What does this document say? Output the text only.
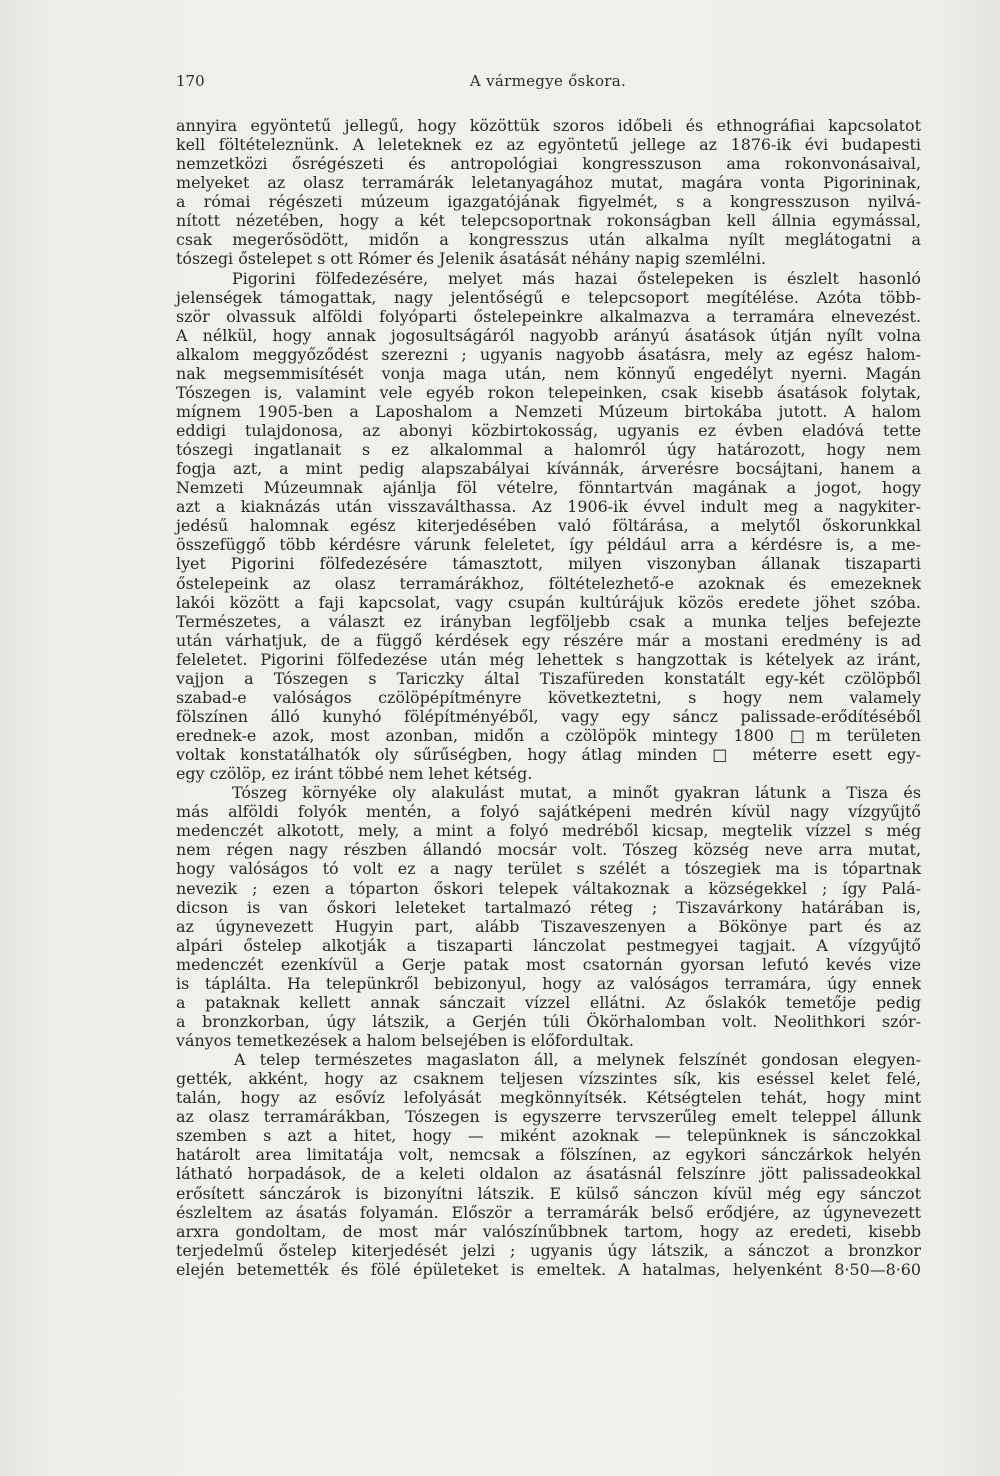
170	A vármegye őskora.
annyira egyöntetű jellegű, hogy közöttük szoros időbeli és ethnográfiai kapcsolatot
kell föltételeznünk. A leleteknek ez az egyöntetű jellege az 1876-ik évi budapesti
nemzetközi ősrégészeti és antropológiai kongresszuson ama rokonvonásaival,
melyeket az olasz terramárák leletanyagához mutat, magára vonta Pigorininak,
a római régészeti múzeum igazgatójának figyelmét, s a kongresszuson nyilvá-
nított nézetében, hogy a két telepcsoportnak rokonságban kell állnia egymással,
csak megerősödött, midőn a kongresszus után alkalma nyílt meglátogatni a
tószegi őstelepet s ott Rómer és Jelenik ásatását néhány napig szemlélni.
Pigorini fölfedezésére, melyet más hazai őstelepeken is észlelt hasonló
jelenségek támogattak, nagy jelentőségű e telepcsoport megítélése. Azóta több-
ször olvassuk alföldi folyóparti őstelepeinkre alkalmazva a terramára elnevezést.
A nélkül, hogy annak jogosultságáról nagyobb arányú ásatások útján nyílt volna
alkalom meggyőződést szerezni ; ugyanis nagyobb ásatásra, mely az egész halom-
nak megsemmisítését vonja maga után, nem könnyű engedélyt nyerni. Magán
Tószegen is, valamint vele egyéb rokon telepeinken, csak kisebb ásatások folytak,
mígnem 1905-ben a Laposhalom a Nemzeti Múzeum birtokába jutott. A halom
eddigi tulajdonosa, az abonyi közbirtokosság, ugyanis ez évben eladóvá tette
tószegi ingatlanait s ez alkalommal a halomról úgy határozott, hogy nem
fogja azt, a mint pedig alapszabályai kívánnák, árverésre bocsájtani, hanem a
Nemzeti Múzeumnak ajánlja föl vételre, fönntartván magának a jogot, hogy
azt a kiaknázás után visszaválthassa. Az 1906-ik évvel indult meg a nagykiter-
jedésű halomnak egész kiterjedésében való föltárása, a melytől őskorunkkal
összefüggő több kérdésre várunk feleletet, így például arra a kérdésre is, a me-
lyet Pigorini fölfedezésére támasztott, milyen viszonyban állanak tiszaparti
őstelepeink az olasz terramárákhoz, föltételezhető-e azoknak és emezeknek
lakói között a faji kapcsolat, vagy csupán kultúrájuk közös eredete jöhet szóba.
Természetes, a választ ez irányban legföljebb csak a munka teljes befejezte
után várhatjuk, de a függő kérdések egy részére már a mostani eredmény is ad
feleletet. Pigorini fölfedezése után még lehettek s hangzottak is kételyek az iránt,
vajjon a Tószegen s Tariczky által Tiszafüreden konstatált egy-két czölöpből
szabad-e valóságos czölöpépítményre következtetni, s hogy nem valamely
fölszínen álló kunyhó fölépítményéből, vagy egy sáncz palissade-erődítéséből
erednek-e azok, most azonban, midőn a czölöpök mintegy 1800 □m területen
voltak konstatálhatók oly sűrűségben, hogy átlag minden □ méterre esett egy-
egy czölöp, ez iránt többé nem lehet kétség.
Tószeg környéke oly alakulást mutat, a minőt gyakran látunk a Tisza és
más alföldi folyók mentén, a folyó sajátképeni medrén kívül nagy vízgyűjtő
medenczét alkotott, mely, a mint a folyó medréből kicsap, megtelik vízzel s még
nem régen nagy részben állandó mocsár volt. Tószeg község neve arra mutat,
hogy valóságos tó volt ez a nagy terület s szélét a tószegiek ma is tópartnak
nevezik ; ezen a tóparton őskori telepek váltakoznak a községekkel ; így Palá-
dicson is van őskori leleteket tartalmazó réteg ; Tiszavárkony határában is,
az úgynevezett Hugyin part, alább Tiszaveszenyen a Bökönye part és az
alpári őstelep alkotják a tiszaparti lánczolat pestmegyei tagjait. A vízgyűjtő
medenczét ezenkívül a Gerje patak most csatornán gyorsan lefutó kevés vize
is táplálta. Ha telepünkről bebizonyul, hogy az valóságos terramára, úgy ennek
a pataknak kellett annak sánczait vízzel ellátni. Az őslakók temetője pedig
a bronzkorban, úgy látszik, a Gerjén túli Ökörhalomban volt. Neolithkori szór-
ványos temetkezések a halom belsejében is előfordultak.
A telep természetes magaslaton áll, a melynek felszínét gondosan elegyen-
gették, akként, hogy az csaknem teljesen vízszintes sík, kis eséssel kelet felé,
talán, hogy az esővíz lefolyását megkönnyítsék. Kétségtelen tehát, hogy mint
az olasz terramárákban, Tószegen is egyszerre tervszerűleg emelt teleppel állunk
szemben s azt a hitet, hogy — miként azoknak — telepünknek is sánczokkal
határolt area limitatája volt, nemcsak a fölszínen, az egykori sánczárkok helyén
látható horpadások, de a keleti oldalon az ásatásnál felszínre jött palissadeokkal
erősített sánczárok is bizonyítni látszik. E külső sánczon kívül még egy sánczot
észleltem az ásatás folyamán. Először a terramárák belső erődjére, az úgynevezett
arxra gondoltam, de most már valószínűbbnek tartom, hogy az eredeti, kisebb
terjedelmű őstelep kiterjedését jelzi ; ugyanis úgy látszik, a sánczot a bronzkor
elején betemették és fölé épületeket is emeltek. A hatalmas, helyenként 8·50—8·60
